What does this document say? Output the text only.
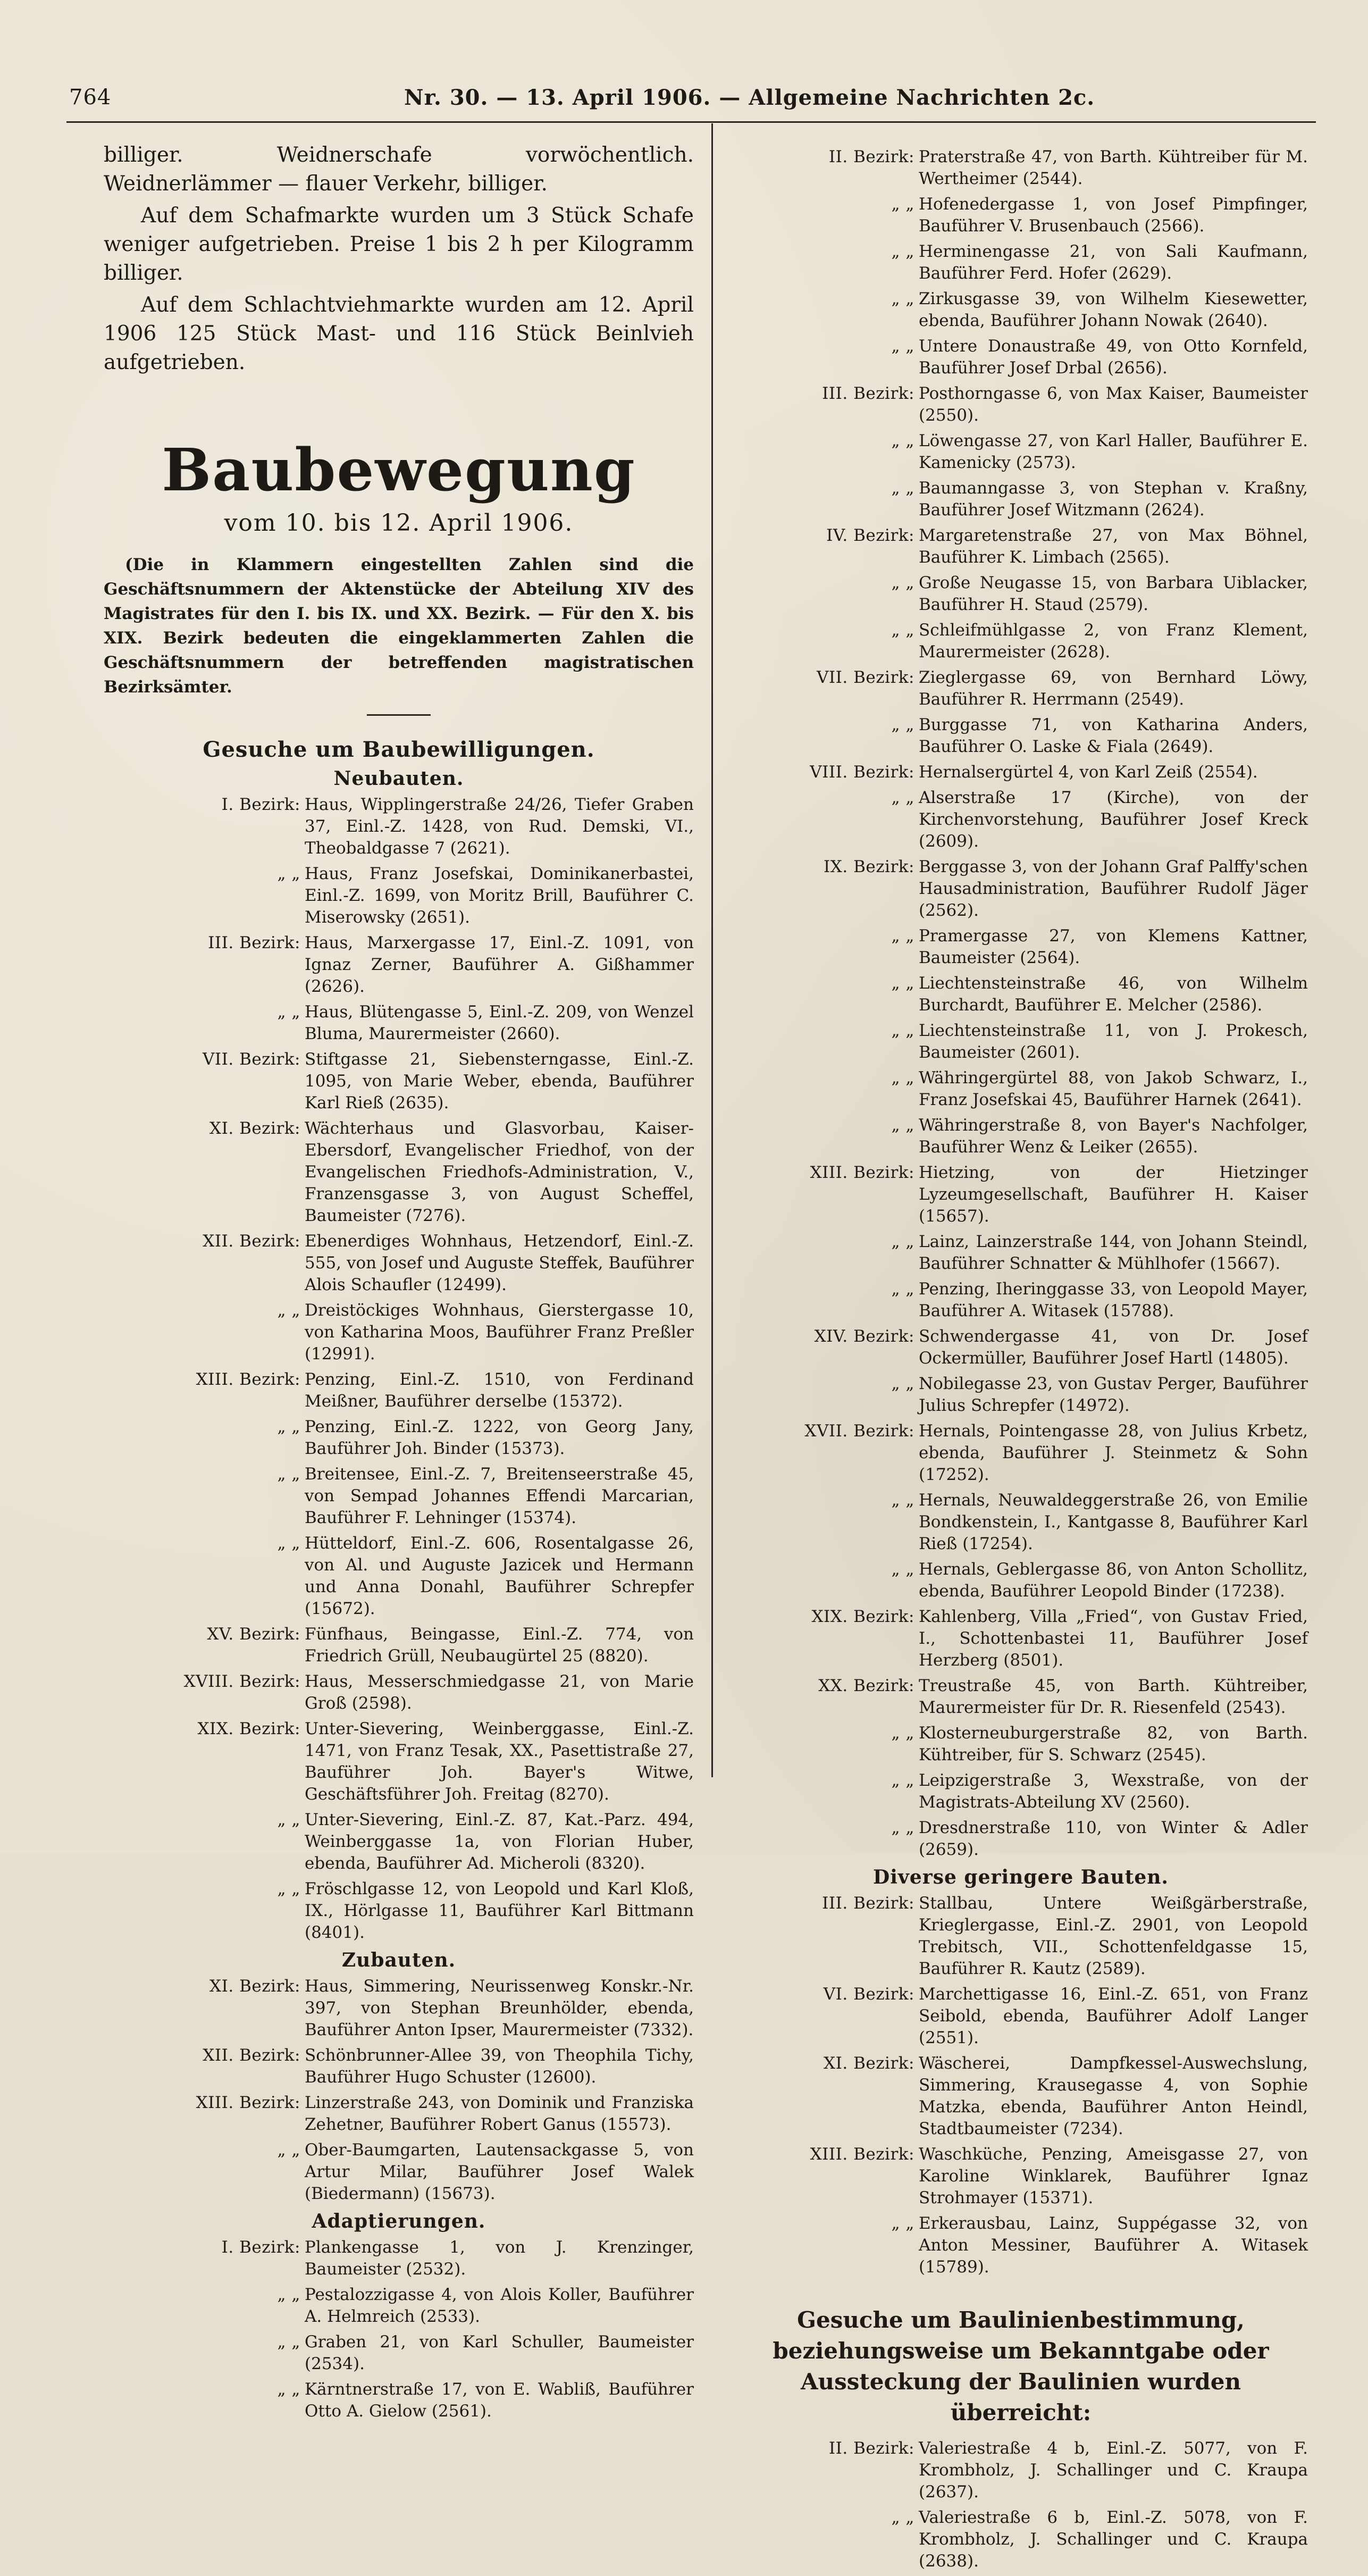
764	Nr. 30. — 13. April 1906. — Allgemeine Nachrichten 2c.

billiger. Weidnerschafe vorwöchentlich. Weidnerlämmer — flauer Verkehr, billiger.

Auf dem Schafmarkte wurden um 3 Stück Schafe weniger aufgetrieben. Preise 1 bis 2 h per Kilogramm billiger.

Auf dem Schlachtviehmarkte wurden am 12. April 1906 125 Stück Mast- und 116 Stück Beinlvieh aufgetrieben.

Baubewegung
vom 10. bis 12. April 1906.

(Die in Klammern eingestellten Zahlen sind die Geschäftsnummern der Aktenstücke der Abteilung XIV des Magistrates für den I. bis IX. und XX. Bezirk. — Für den X. bis XIX. Bezirk bedeuten die eingeklammerten Zahlen die Geschäftsnummern der betreffenden magistratischen Bezirksämter.

Gesuche um Baubewilligungen.
Neubauten.
I. Bezirk: Haus, Wipplingerstraße 24/26, Tiefer Graben 37, Einl.-Z. 1428, von Rud. Demski, VI., Theobaldgasse 7 (2621).
„ „ Haus, Franz Josefskai, Dominikanerbastei, Einl.-Z. 1699, von Moritz Brill, Bauführer C. Miserowsky (2651).
III. Bezirk: Haus, Marxergasse 17, Einl.-Z. 1091, von Ignaz Zerner, Bauführer A. Gißhammer (2626).
„ „ Haus, Blütengasse 5, Einl.-Z. 209, von Wenzel Bluma, Maurermeister (2660).
VII. Bezirk: Stiftgasse 21, Siebensterngasse, Einl.-Z. 1095, von Marie Weber, ebenda, Bauführer Karl Rieß (2635).
XI. Bezirk: Wächterhaus und Glasvorbau, Kaiser-Ebersdorf, Evangelischer Friedhof, von der Evangelischen Friedhofs-Administration, V., Franzensgasse 3, von August Scheffel, Baumeister (7276).
XII. Bezirk: Ebenerdiges Wohnhaus, Hetzendorf, Einl.-Z. 555, von Josef und Auguste Steffek, Bauführer Alois Schaufler (12499).
„ „ Dreistöckiges Wohnhaus, Gierstergasse 10, von Katharina Moos, Bauführer Franz Preßler (12991).
XIII. Bezirk: Penzing, Einl.-Z. 1510, von Ferdinand Meißner, Bauführer derselbe (15372).
„ „ Penzing, Einl.-Z. 1222, von Georg Jany, Bauführer Joh. Binder (15373).
„ „ Breitensee, Einl.-Z. 7, Breitenseerstraße 45, von Sempad Johannes Effendi Marcarian, Bauführer F. Lehninger (15374).
„ „ Hütteldorf, Einl.-Z. 606, Rosentalgasse 26, von Al. und Auguste Jazicek und Hermann und Anna Donahl, Bauführer Schrepfer (15672).
XV. Bezirk: Fünfhaus, Beingasse, Einl.-Z. 774, von Friedrich Grüll, Neubaugürtel 25 (8820).
XVIII. Bezirk: Haus, Messerschmiedgasse 21, von Marie Groß (2598).
XIX. Bezirk: Unter-Sievering, Weinberggasse, Einl.-Z. 1471, von Franz Tesak, XX., Pasettistraße 27, Bauführer Joh. Bayer's Witwe, Geschäftsführer Joh. Freitag (8270).
„ „ Unter-Sievering, Einl.-Z. 87, Kat.-Parz. 494, Weinberggasse 1a, von Florian Huber, ebenda, Bauführer Ad. Micheroli (8320).
„ „ Fröschlgasse 12, von Leopold und Karl Kloß, IX., Hörlgasse 11, Bauführer Karl Bittmann (8401).
Zubauten.
XI. Bezirk: Haus, Simmering, Neurissenweg Konskr.-Nr. 397, von Stephan Breunhölder, ebenda, Bauführer Anton Ipser, Maurermeister (7332).
XII. Bezirk: Schönbrunner-Allee 39, von Theophila Tichy, Bauführer Hugo Schuster (12600).
XIII. Bezirk: Linzerstraße 243, von Dominik und Franziska Zehetner, Bauführer Robert Ganus (15573).
„ „ Ober-Baumgarten, Lautensackgasse 5, von Artur Milar, Bauführer Josef Walek (Biedermann) (15673).
Adaptierungen.
I. Bezirk: Plankengasse 1, von J. Krenzinger, Baumeister (2532).
„ „ Pestalozzigasse 4, von Alois Koller, Bauführer A. Helmreich (2533).
„ „ Graben 21, von Karl Schuller, Baumeister (2534).
„ „ Kärntnerstraße 17, von E. Wabliß, Bauführer Otto A. Gielow (2561).
II. Bezirk: Praterstraße 47, von Barth. Kühtreiber für M. Wertheimer (2544).
„ „ Hofenedergasse 1, von Josef Pimpfinger, Bauführer V. Brusenbauch (2566).
„ „ Herminengasse 21, von Sali Kaufmann, Bauführer Ferd. Hofer (2629).
„ „ Zirkusgasse 39, von Wilhelm Kiesewetter, ebenda, Bauführer Johann Nowak (2640).
„ „ Untere Donaustraße 49, von Otto Kornfeld, Bauführer Josef Drbal (2656).
III. Bezirk: Posthorngasse 6, von Max Kaiser, Baumeister (2550).
„ „ Löwengasse 27, von Karl Haller, Bauführer E. Kamenicky (2573).
„ „ Baumanngasse 3, von Stephan v. Kraßny, Bauführer Josef Witzmann (2624).
IV. Bezirk: Margaretenstraße 27, von Max Böhnel, Bauführer K. Limbach (2565).
„ „ Große Neugasse 15, von Barbara Uiblacker, Bauführer H. Staud (2579).
„ „ Schleifmühlgasse 2, von Franz Klement, Maurermeister (2628).
VII. Bezirk: Zieglergasse 69, von Bernhard Löwy, Bauführer R. Herrmann (2549).
„ „ Burggasse 71, von Katharina Anders, Bauführer O. Laske & Fiala (2649).
VIII. Bezirk: Hernalsergürtel 4, von Karl Zeiß (2554).
„ „ Alserstraße 17 (Kirche), von der Kirchenvorstehung, Bauführer Josef Kreck (2609).
IX. Bezirk: Berggasse 3, von der Johann Graf Palffy'schen Hausadministration, Bauführer Rudolf Jäger (2562).
„ „ Pramergasse 27, von Klemens Kattner, Baumeister (2564).
„ „ Liechtensteinstraße 46, von Wilhelm Burchardt, Bauführer E. Melcher (2586).
„ „ Liechtensteinstraße 11, von J. Prokesch, Baumeister (2601).
„ „ Währingergürtel 88, von Jakob Schwarz, I., Franz Josefskai 45, Bauführer Harnek (2641).
„ „ Währingerstraße 8, von Bayer's Nachfolger, Bauführer Wenz & Leiker (2655).
XIII. Bezirk: Hietzing, von der Hietzinger Lyzeumgesellschaft, Bauführer H. Kaiser (15657).
„ „ Lainz, Lainzerstraße 144, von Johann Steindl, Bauführer Schnatter & Mühlhofer (15667).
„ „ Penzing, Iheringgasse 33, von Leopold Mayer, Bauführer A. Witasek (15788).
XIV. Bezirk: Schwendergasse 41, von Dr. Josef Ockermüller, Bauführer Josef Hartl (14805).
„ „ Nobilegasse 23, von Gustav Perger, Bauführer Julius Schrepfer (14972).
XVII. Bezirk: Hernals, Pointengasse 28, von Julius Krbetz, ebenda, Bauführer J. Steinmetz & Sohn (17252).
„ „ Hernals, Neuwaldeggerstraße 26, von Emilie Bondkenstein, I., Kantgasse 8, Bauführer Karl Rieß (17254).
„ „ Hernals, Geblergasse 86, von Anton Schollitz, ebenda, Bauführer Leopold Binder (17238).
XIX. Bezirk: Kahlenberg, Villa „Fried“, von Gustav Fried, I., Schottenbastei 11, Bauführer Josef Herzberg (8501).
XX. Bezirk: Treustraße 45, von Barth. Kühtreiber, Maurermeister für Dr. R. Riesenfeld (2543).
„ „ Klosterneuburgerstraße 82, von Barth. Kühtreiber, für S. Schwarz (2545).
„ „ Leipzigerstraße 3, Wexstraße, von der Magistrats-Abteilung XV (2560).
„ „ Dresdnerstraße 110, von Winter & Adler (2659).
Diverse geringere Bauten.
III. Bezirk: Stallbau, Untere Weißgärberstraße, Krieglergasse, Einl.-Z. 2901, von Leopold Trebitsch, VII., Schottenfeldgasse 15, Bauführer R. Kautz (2589).
VI. Bezirk: Marchettigasse 16, Einl.-Z. 651, von Franz Seibold, ebenda, Bauführer Adolf Langer (2551).
XI. Bezirk: Wäscherei, Dampfkessel-Auswechslung, Simmering, Krausegasse 4, von Sophie Matzka, ebenda, Bauführer Anton Heindl, Stadtbaumeister (7234).
XIII. Bezirk: Waschküche, Penzing, Ameisgasse 27, von Karoline Winklarek, Bauführer Ignaz Strohmayer (15371).
„ „ Erkerausbau, Lainz, Suppégasse 32, von Anton Messiner, Bauführer A. Witasek (15789).
Gesuche um Baulinienbestimmung, beziehungsweise um Bekanntgabe oder Aussteckung der Baulinien wurden überreicht:
II. Bezirk: Valeriestraße 4 b, Einl.-Z. 5077, von F. Krombholz, J. Schallinger und C. Kraupa (2637).
„ „ Valeriestraße 6 b, Einl.-Z. 5078, von F. Krombholz, J. Schallinger und C. Kraupa (2638).
